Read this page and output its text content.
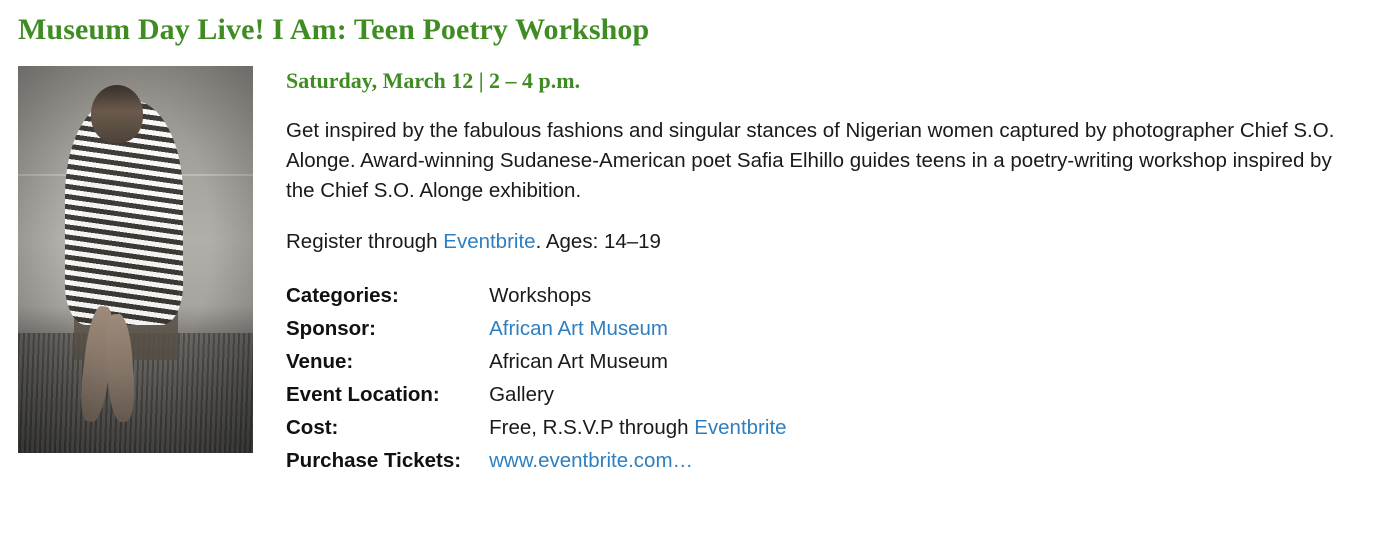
Museum Day Live! I Am: Teen Poetry Workshop
Saturday, March 12 | 2 – 4 p.m.

Get inspired by the fabulous fashions and singular stances of Nigerian women captured by photographer Chief S.O. Alonge. Award-winning Sudanese-American poet Safia Elhillo guides teens in a poetry-writing workshop inspired by the Chief S.O. Alonge exhibition.

Register through Eventbrite. Ages: 14–19

Categories:	Workshops
Sponsor:	African Art Museum
Venue:	African Art Museum
Event Location:	Gallery
Cost:	Free, R.S.V.P through Eventbrite
Purchase Tickets:	www.eventbrite.com…
